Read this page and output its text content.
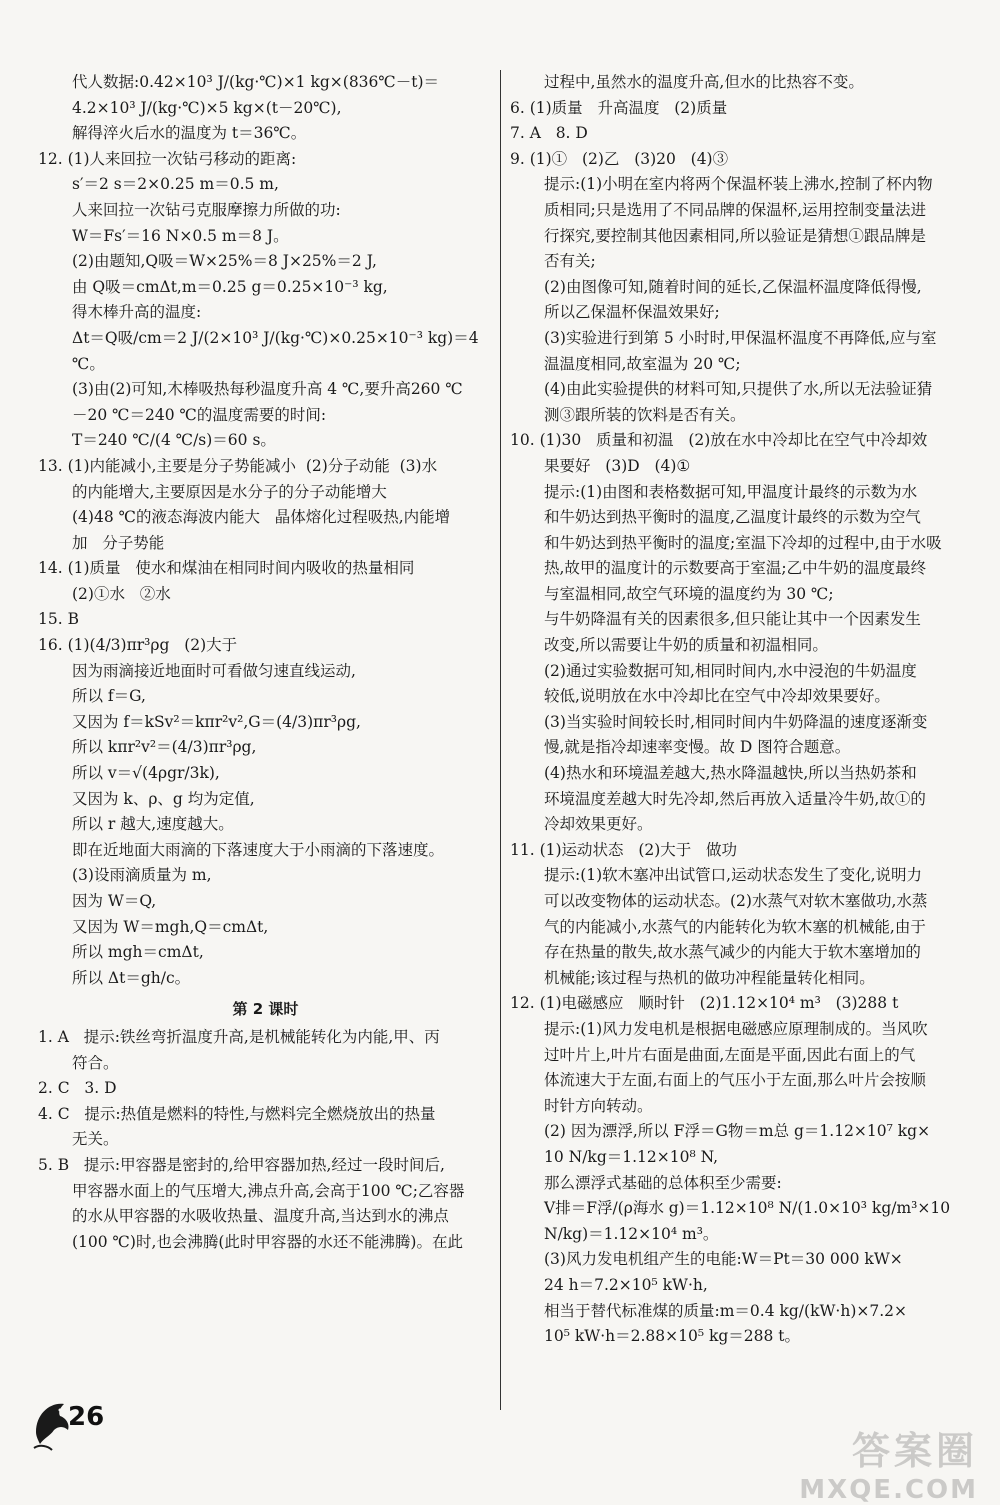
代人数据:0.42×10³ J/(kg·℃)×1 kg×(836℃－t)＝
4.2×10³ J/(kg·℃)×5 kg×(t－20℃),
解得淬火后水的温度为 t＝36℃。
12. (1)人来回拉一次钻弓移动的距离:
s′＝2 s＝2×0.25 m＝0.5 m,
人来回拉一次钻弓克服摩擦力所做的功:
W＝Fs′＝16 N×0.5 m＝8 J。
(2)由题知,Q吸＝W×25%＝8 J×25%＝2 J,
由 Q吸＝cmΔt,m＝0.25 g＝0.25×10⁻³ kg,
得木棒升高的温度:
Δt＝Q吸/cm＝2 J/(2×10³ J/(kg·℃)×0.25×10⁻³ kg)＝4 ℃。
(3)由(2)可知,木棒吸热每秒温度升高 4 ℃,要升高260 ℃
－20 ℃＝240 ℃的温度需要的时间:
T＝240 ℃/(4 ℃/s)＝60 s。
13. (1)内能减小,主要是分子势能减小  (2)分子动能  (3)水
的内能增大,主要原因是水分子的分子动能增大
(4)48 ℃的液态海波内能大   晶体熔化过程吸热,内能增
加   分子势能
14. (1)质量   使水和煤油在相同时间内吸收的热量相同
(2)①水   ②水
15. B
16. (1)(4/3)πr³ρg   (2)大于
因为雨滴接近地面时可看做匀速直线运动,
所以 f＝G,
又因为 f＝kSv²＝kπr²v²,G＝(4/3)πr³ρg,
所以 kπr²v²＝(4/3)πr³ρg,
所以 v＝√(4ρgr/3k),
又因为 k、ρ、g 均为定值,
所以 r 越大,速度越大。
即在近地面大雨滴的下落速度大于小雨滴的下落速度。
(3)设雨滴质量为 m,
因为 W＝Q,
又因为 W＝mgh,Q＝cmΔt,
所以 mgh＝cmΔt,
所以 Δt＝gh/c。
第 2 课时
1. A   提示:铁丝弯折温度升高,是机械能转化为内能,甲、丙
符合。
2. C   3. D
4. C   提示:热值是燃料的特性,与燃料完全燃烧放出的热量
无关。
5. B   提示:甲容器是密封的,给甲容器加热,经过一段时间后,
甲容器水面上的气压增大,沸点升高,会高于100 ℃;乙容器
的水从甲容器的水吸收热量、温度升高,当达到水的沸点
(100 ℃)时,也会沸腾(此时甲容器的水还不能沸腾)。在此
过程中,虽然水的温度升高,但水的比热容不变。
6. (1)质量   升高温度   (2)质量
7. A   8. D
9. (1)①   (2)乙   (3)20   (4)③
提示:(1)小明在室内将两个保温杯装上沸水,控制了杯内物
质相同;只是选用了不同品牌的保温杯,运用控制变量法进
行探究,要控制其他因素相同,所以验证是猜想①跟品牌是
否有关;
(2)由图像可知,随着时间的延长,乙保温杯温度降低得慢,
所以乙保温杯保温效果好;
(3)实验进行到第 5 小时时,甲保温杯温度不再降低,应与室
温温度相同,故室温为 20 ℃;
(4)由此实验提供的材料可知,只提供了水,所以无法验证猜
测③跟所装的饮料是否有关。
10. (1)30   质量和初温   (2)放在水中冷却比在空气中冷却效
果要好   (3)D   (4)①
提示:(1)由图和表格数据可知,甲温度计最终的示数为水
和牛奶达到热平衡时的温度,乙温度计最终的示数为空气
和牛奶达到热平衡时的温度;室温下冷却的过程中,由于水吸
热,故甲的温度计的示数要高于室温;乙中牛奶的温度最终
与室温相同,故空气环境的温度约为 30 ℃;
与牛奶降温有关的因素很多,但只能让其中一个因素发生
改变,所以需要让牛奶的质量和初温相同。
(2)通过实验数据可知,相同时间内,水中浸泡的牛奶温度
较低,说明放在水中冷却比在空气中冷却效果要好。
(3)当实验时间较长时,相同时间内牛奶降温的速度逐渐变
慢,就是指冷却速率变慢。故 D 图符合题意。
(4)热水和环境温差越大,热水降温越快,所以当热奶茶和
环境温度差越大时先冷却,然后再放入适量冷牛奶,故①的
冷却效果更好。
11. (1)运动状态   (2)大于   做功
提示:(1)软木塞冲出试管口,运动状态发生了变化,说明力
可以改变物体的运动状态。(2)水蒸气对软木塞做功,水蒸
气的内能减小,水蒸气的内能转化为软木塞的机械能,由于
存在热量的散失,故水蒸气减少的内能大于软木塞增加的
机械能;该过程与热机的做功冲程能量转化相同。
12. (1)电磁感应   顺时针   (2)1.12×10⁴ m³   (3)288 t
提示:(1)风力发电机是根据电磁感应原理制成的。当风吹
过叶片上,叶片右面是曲面,左面是平面,因此右面上的气
体流速大于左面,右面上的气压小于左面,那么叶片会按顺
时针方向转动。
(2) 因为漂浮,所以 F浮＝G物＝m总 g＝1.12×10⁷ kg×
10 N/kg＝1.12×10⁸ N,
那么漂浮式基础的总体积至少需要:
V排＝F浮/(ρ海水 g)＝1.12×10⁸ N/(1.0×10³ kg/m³×10 N/kg)＝1.12×10⁴ m³。
(3)风力发电机组产生的电能:W＝Pt＝30 000 kW×
24 h＝7.2×10⁵ kW·h,
相当于替代标准煤的质量:m＝0.4 kg/(kW·h)×7.2×
10⁵ kW·h＝2.88×10⁵ kg＝288 t。
26
答案圈
MXQE.COM
